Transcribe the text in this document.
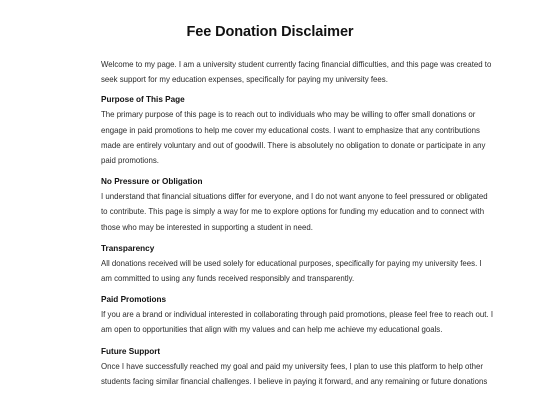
Fee Donation Disclaimer

Welcome to my page. I am a university student currently facing financial difficulties, and this page was created to
seek support for my education expenses, specifically for paying my university fees.

Purpose of This Page

The primary purpose of this page is to reach out to individuals who may be willing to offer small donations or
engage in paid promotions to help me cover my educational costs. I want to emphasize that any contributions
made are entirely voluntary and out of goodwill. There is absolutely no obligation to donate or participate in any
paid promotions.

No Pressure or Obligation

I understand that financial situations differ for everyone, and I do not want anyone to feel pressured or obligated
to contribute. This page is simply a way for me to explore options for funding my education and to connect with
those who may be interested in supporting a student in need.

Transparency

All donations received will be used solely for educational purposes, specifically for paying my university fees. I
am committed to using any funds received responsibly and transparently.

Paid Promotions

If you are a brand or individual interested in collaborating through paid promotions, please feel free to reach out. I
am open to opportunities that align with my values and can help me achieve my educational goals.

Future Support

Once I have successfully reached my goal and paid my university fees, I plan to use this platform to help other
students facing similar financial challenges. I believe in paying it forward, and any remaining or future donations
